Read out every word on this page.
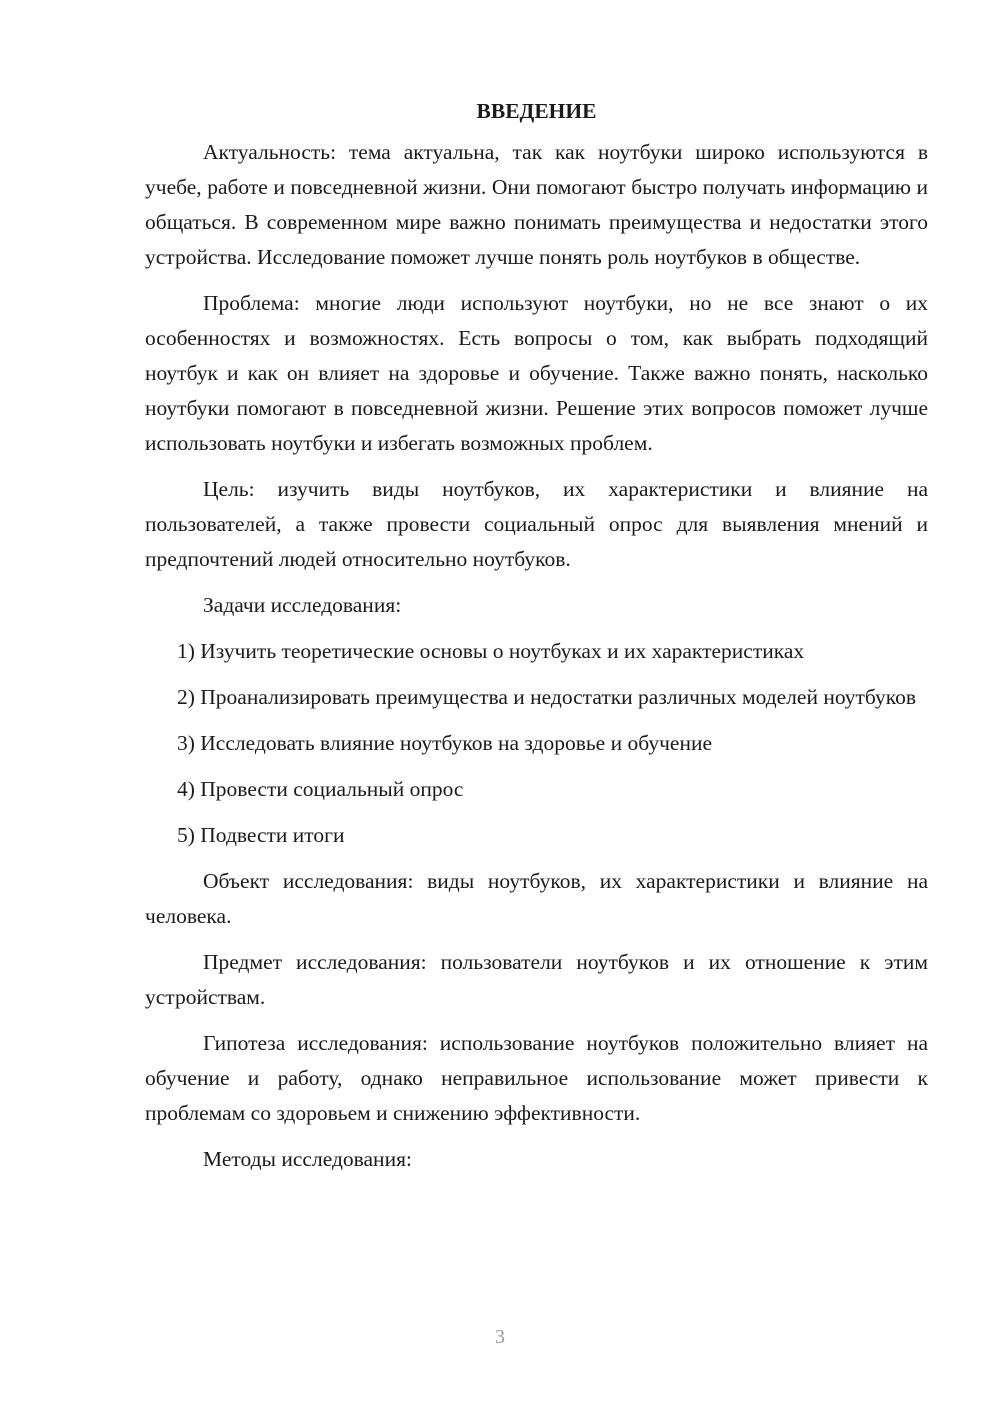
ВВЕДЕНИЕ

Актуальность: тема актуальна, так как ноутбуки широко используются в учебе, работе и повседневной жизни. Они помогают быстро получать информацию и общаться. В современном мире важно понимать преимущества и недостатки этого устройства. Исследование поможет лучше понять роль ноутбуков в обществе.

Проблема: многие люди используют ноутбуки, но не все знают о их особенностях и возможностях. Есть вопросы о том, как выбрать подходящий ноутбук и как он влияет на здоровье и обучение. Также важно понять, насколько ноутбуки помогают в повседневной жизни. Решение этих вопросов поможет лучше использовать ноутбуки и избегать возможных проблем.

Цель: изучить виды ноутбуков, их характеристики и влияние на пользователей, а также провести социальный опрос для выявления мнений и предпочтений людей относительно ноутбуков.

Задачи исследования:

1) Изучить теоретические основы о ноутбуках и их характеристиках

2) Проанализировать преимущества и недостатки различных моделей ноутбуков

3) Исследовать влияние ноутбуков на здоровье и обучение

4) Провести социальный опрос

5) Подвести итоги

Объект исследования: виды ноутбуков, их характеристики и влияние на человека.

Предмет исследования: пользователи ноутбуков и их отношение к этим устройствам.

Гипотеза исследования: использование ноутбуков положительно влияет на обучение и работу, однако неправильное использование может привести к проблемам со здоровьем и снижению эффективности.

Методы исследования:

3
